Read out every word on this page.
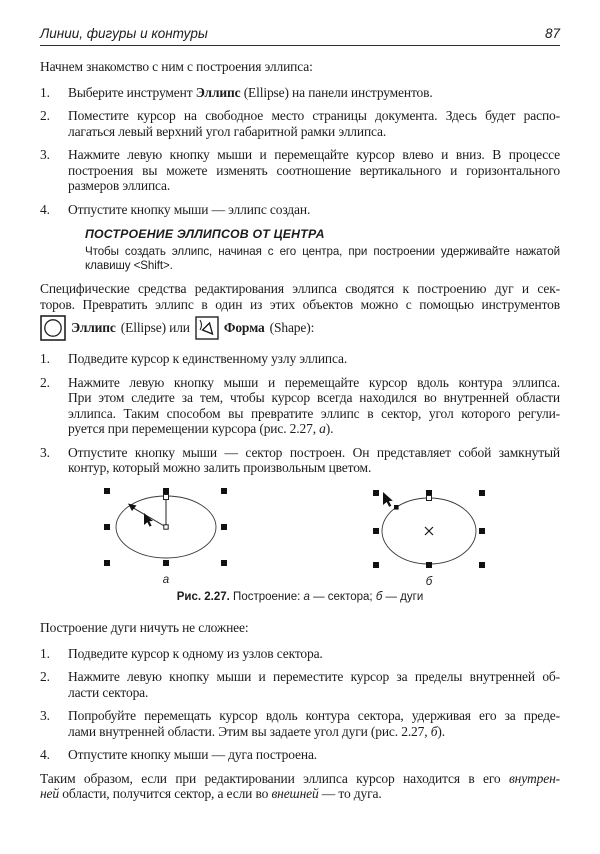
Линии, фигуры и контуры	87
Начнем знакомство с ним с построения эллипса:
1.	Выберите инструмент Эллипс (Ellipse) на панели инструментов.
2.	Поместите курсор на свободное место страницы документа. Здесь будет распо-
лагаться левый верхний угол габаритной рамки эллипса.
3.	Нажмите левую кнопку мыши и перемещайте курсор влево и вниз. В процессе
построения вы можете изменять соотношение вертикального и горизонтального
размеров эллипса.
4.	Отпустите кнопку мыши — эллипс создан.
ПОСТРОЕНИЕ ЭЛЛИПСОВ ОТ ЦЕНТРА
Чтобы создать эллипс, начиная с его центра, при построении удерживайте нажатой
клавишу <Shift>.
Специфические средства редактирования эллипса сводятся к построению дуг и сек-
торов. Превратить эллипс в один из этих объектов можно с помощью инструментов
Эллипс (Ellipse) или	Форма (Shape):
1.	Подведите курсор к единственному узлу эллипса.
2.	Нажмите левую кнопку мыши и перемещайте курсор вдоль контура эллипса.
При этом следите за тем, чтобы курсор всегда находился во внутренней области
эллипса. Таким способом вы превратите эллипс в сектор, угол которого регули-
руется при перемещении курсора (рис. 2.27, а).
3.	Отпустите кнопку мыши — сектор построен. Он представляет собой замкнутый
контур, который можно залить произвольным цветом.
а	б
Рис. 2.27. Построение: а — сектора; б — дуги
Построение дуги ничуть не сложнее:
1.	Подведите курсор к одному из узлов сектора.
2.	Нажмите левую кнопку мыши и переместите курсор за пределы внутренней об-
ласти сектора.
3.	Попробуйте перемещать курсор вдоль контура сектора, удерживая его за преде-
лами внутренней области. Этим вы задаете угол дуги (рис. 2.27, б).
4.	Отпустите кнопку мыши — дуга построена.
Таким образом, если при редактировании эллипса курсор находится в его внутрен-
ней области, получится сектор, а если во внешней — то дуга.
